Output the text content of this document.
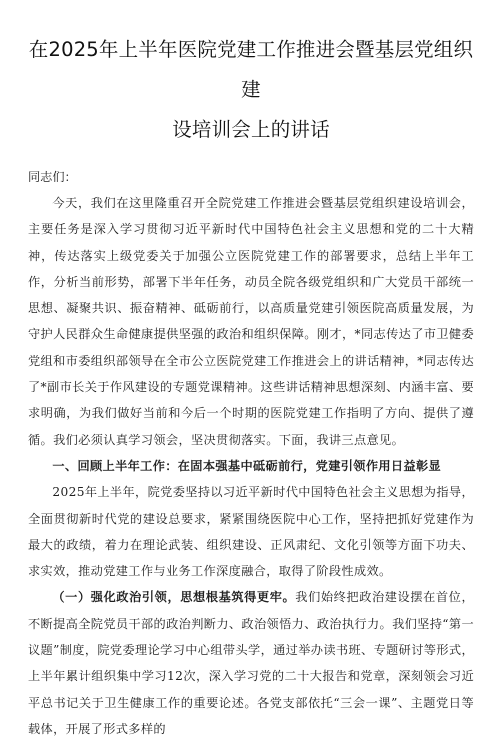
在2025年上半年医院党建工作推进会暨基层党组织建
设培训会上的讲话
同志们：

今天，我们在这里隆重召开全院党建工作推进会暨基层党组织建设培训会，主要任务是深入学习贯彻习近平新时代中国特色社会主义思想和党的二十大精神，传达落实上级党委关于加强公立医院党建工作的部署要求，总结上半年工作，分析当前形势，部署下半年任务，动员全院各级党组织和广大党员干部统一思想、凝聚共识、振奋精神、砥砺前行，以高质量党建引领医院高质量发展，为守护人民群众生命健康提供坚强的政治和组织保障。刚才，*同志传达了市卫健委党组和市委组织部领导在全市公立医院党建工作推进会上的讲话精神，*同志传达了*副市长关于作风建设的专题党课精神。这些讲话精神思想深刻、内涵丰富、要求明确，为我们做好当前和今后一个时期的医院党建工作指明了方向、提供了遵循。我们必须认真学习领会，坚决贯彻落实。下面，我讲三点意见。

一、回顾上半年工作：在固本强基中砥砺前行，党建引领作用日益彰显

2025年上半年，院党委坚持以习近平新时代中国特色社会主义思想为指导，全面贯彻新时代党的建设总要求，紧紧围绕医院中心工作，坚持把抓好党建作为最大的政绩，着力在理论武装、组织建设、正风肃纪、文化引领等方面下功夫、求实效，推动党建工作与业务工作深度融合，取得了阶段性成效。

（一）强化政治引领，思想根基筑得更牢。我们始终把政治建设摆在首位，不断提高全院党员干部的政治判断力、政治领悟力、政治执行力。我们坚持“第一议题”制度，院党委理论学习中心组带头学，通过举办读书班、专题研讨等形式，上半年累计组织集中学习12次，深入学习党的二十大报告和党章，深刻领会习近平总书记关于卫生健康工作的重要论述。各党支部依托“三会一课”、主题党日等载体，开展了形式多样的
